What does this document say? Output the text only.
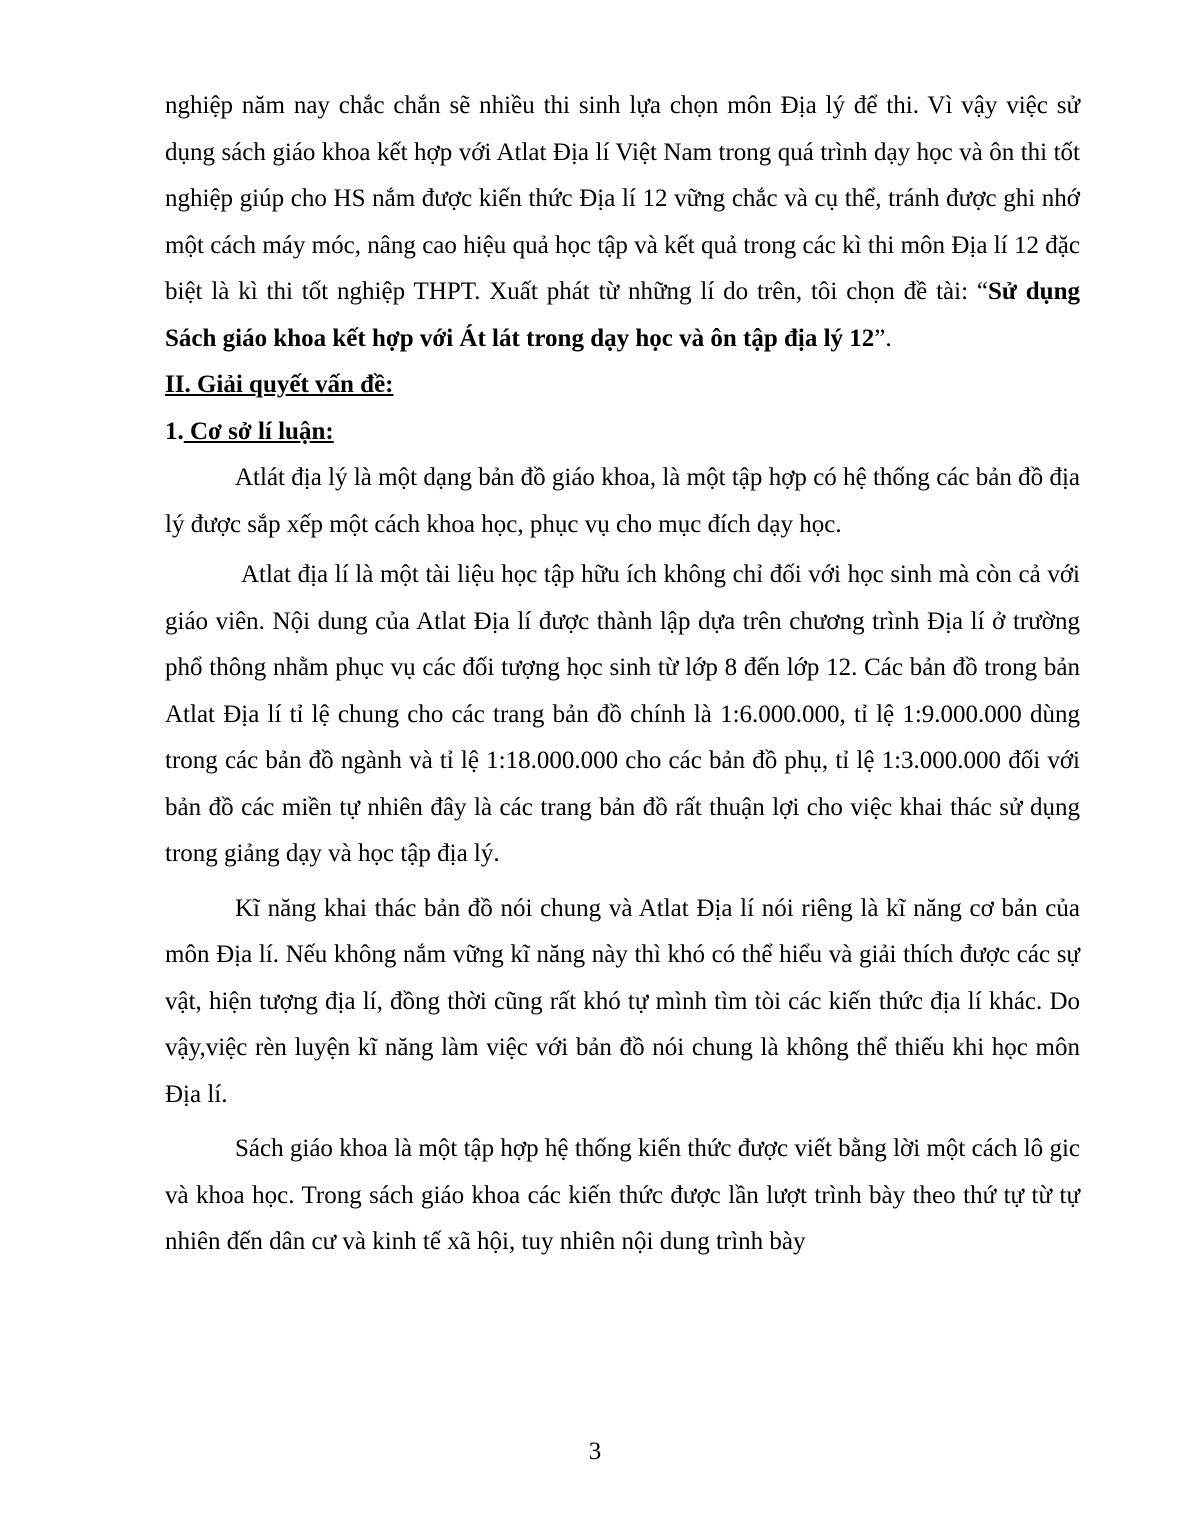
nghiệp năm nay chắc chắn sẽ nhiều thi sinh lựa chọn môn Địa lý để thi. Vì vậy việc sử dụng sách giáo khoa kết hợp với Atlat Địa lí Việt Nam trong quá trình dạy học và ôn thi tốt nghiệp giúp cho HS nắm được kiến thức Địa lí 12 vững chắc và cụ thể, tránh được ghi nhớ một cách máy móc, nâng cao hiệu quả học tập và kết quả trong các kì thi môn Địa lí 12 đặc biệt là kì thi tốt nghiệp THPT. Xuất phát từ những lí do trên, tôi chọn đề tài: “Sử dụng Sách giáo khoa kết hợp với Át lát trong dạy học và ôn tập địa lý 12”.

II. Giải quyết vấn đề:

1. Cơ sở lí luận:

Atlát địa lý là một dạng bản đồ giáo khoa, là một tập hợp có hệ thống các bản đồ địa lý được sắp xếp một cách khoa học, phục vụ cho mục đích dạy học.

Atlat địa lí là một tài liệu học tập hữu ích không chỉ đối với học sinh mà còn cả với giáo viên. Nội dung của Atlat Địa lí được thành lập dựa trên chương trình Địa lí ở trường phổ thông nhằm phục vụ các đối tượng học sinh từ lớp 8 đến lớp 12. Các bản đồ trong bản Atlat Địa lí tỉ lệ chung cho các trang bản đồ chính là 1:6.000.000, tỉ lệ 1:9.000.000 dùng trong các bản đồ ngành và tỉ lệ 1:18.000.000 cho các bản đồ phụ, tỉ lệ 1:3.000.000 đối với bản đồ các miền tự nhiên đây là các trang bản đồ rất thuận lợi cho việc khai thác sử dụng trong giảng dạy và học tập địa lý.

Kĩ năng khai thác bản đồ nói chung và Atlat Địa lí nói riêng là kĩ năng cơ bản của môn Địa lí. Nếu không nắm vững kĩ năng này thì khó có thể hiểu và giải thích được các sự vật, hiện tượng địa lí, đồng thời cũng rất khó tự mình tìm tòi các kiến thức địa lí khác. Do vậy,việc rèn luyện kĩ năng làm việc với bản đồ nói chung là không thể thiếu khi học môn Địa lí.

Sách giáo khoa là một tập hợp hệ thống kiến thức được viết bằng lời một cách lô gic và khoa học. Trong sách giáo khoa các kiến thức được lần lượt trình bày theo thứ tự từ tự nhiên đến dân cư và kinh tế xã hội, tuy nhiên nội dung trình bày

3
